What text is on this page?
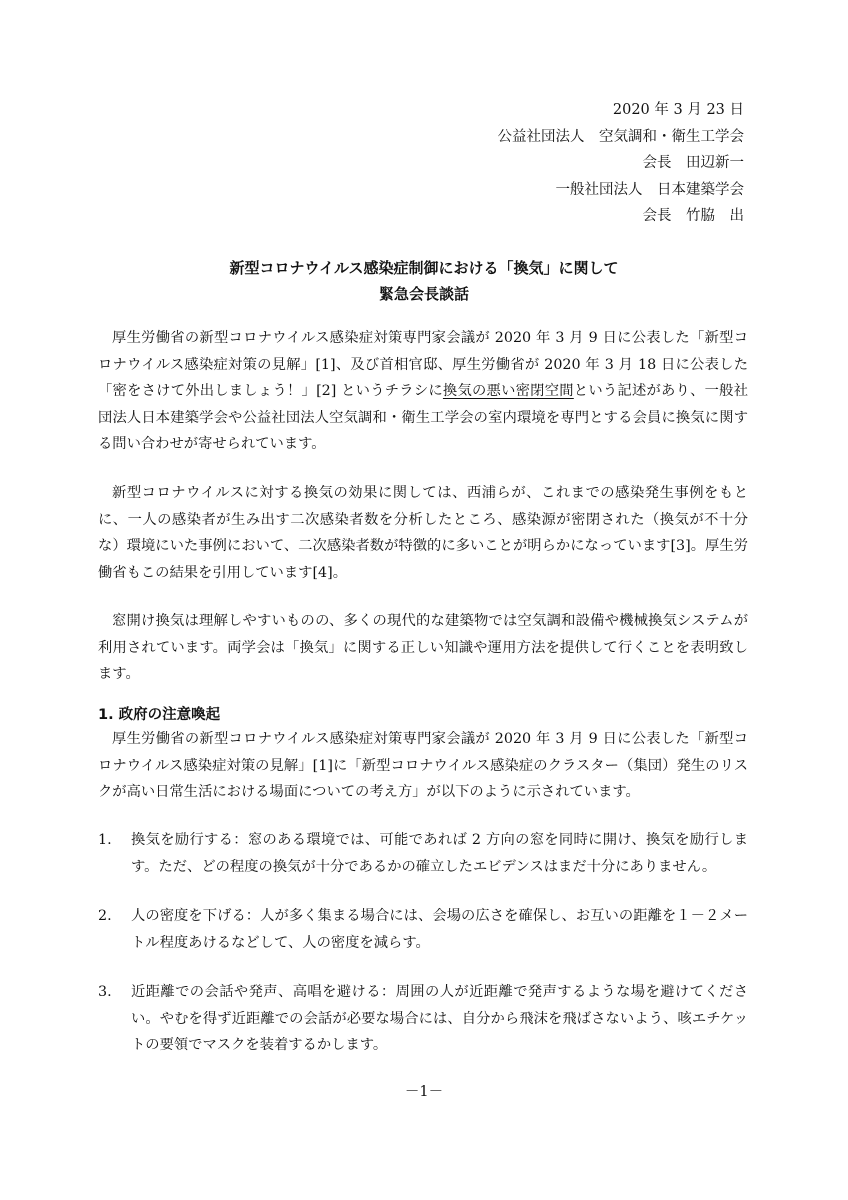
2020 年 3 月 23 日
公益社団法人　空気調和・衛生工学会
会長　田辺新一
一般社団法人　日本建築学会
会長　竹脇　出
新型コロナウイルス感染症制御における「換気」に関して
緊急会長談話

厚生労働省の新型コロナウイルス感染症対策専門家会議が 2020 年 3 月 9 日に公表した「新型コロナウイルス感染症対策の見解」[1]、及び首相官邸、厚生労働省が 2020 年 3 月 18 日に公表した「密をさけて外出しましょう！」[2] というチラシに換気の悪い密閉空間という記述があり、一般社団法人日本建築学会や公益社団法人空気調和・衛生工学会の室内環境を専門とする会員に換気に関する問い合わせが寄せられています。

新型コロナウイルスに対する換気の効果に関しては、西浦らが、これまでの感染発生事例をもとに、一人の感染者が生み出す二次感染者数を分析したところ、感染源が密閉された（換気が不十分な）環境にいた事例において、二次感染者数が特徴的に多いことが明らかになっています[3]。厚生労働省もこの結果を引用しています[4]。

窓開け換気は理解しやすいものの、多くの現代的な建築物では空気調和設備や機械換気システムが利用されています。両学会は「換気」に関する正しい知識や運用方法を提供して行くことを表明致します。

1. 政府の注意喚起

厚生労働省の新型コロナウイルス感染症対策専門家会議が 2020 年 3 月 9 日に公表した「新型コロナウイルス感染症対策の見解」[1]に「新型コロナウイルス感染症のクラスター（集団）発生のリスクが高い日常生活における場面についての考え方」が以下のように示されています。

1. 換気を励行する：窓のある環境では、可能であれば 2 方向の窓を同時に開け、換気を励行します。ただ、どの程度の換気が十分であるかの確立したエビデンスはまだ十分にありません。
2. 人の密度を下げる：人が多く集まる場合には、会場の広さを確保し、お互いの距離を１－２メートル程度あけるなどして、人の密度を減らす。
3. 近距離での会話や発声、高唱を避ける：周囲の人が近距離で発声するような場を避けてください。やむを得ず近距離での会話が必要な場合には、自分から飛沫を飛ばさないよう、咳エチケットの要領でマスクを装着するかします。
－1－
